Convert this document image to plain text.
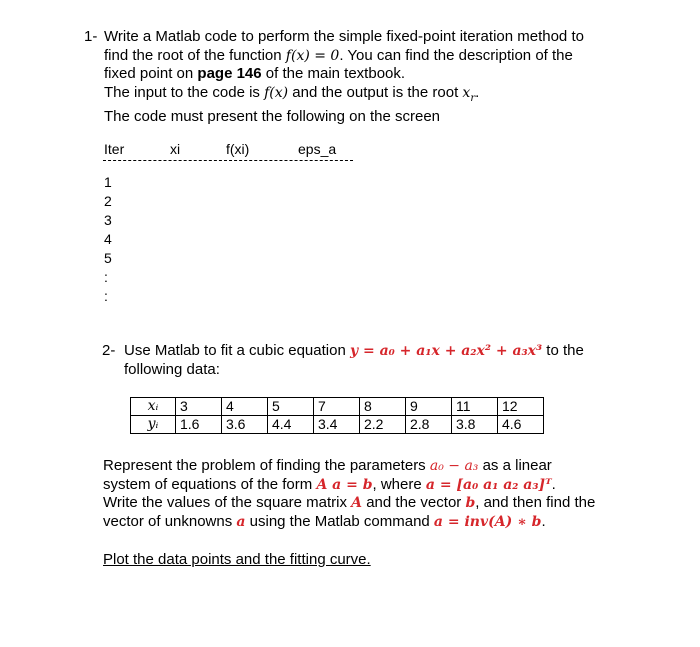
1- Write a Matlab code to perform the simple fixed-point iteration method to
find the root of the function f(x) = 0. You can find the description of the
fixed point on page 146 of the main textbook.
The input to the code is f(x) and the output is the root $x_r$.
The code must present the following on the screen
Iter	xi	f(xi)	eps_a
1
2
3
4
5
:
:
2- Use Matlab to fit a cubic equation y = a₀ + a₁x + a₂x² + a₃x³ to the
following data:
xᵢ	3	4	5	7	8	9	11	12
yᵢ	1.6	3.6	4.4	3.4	2.2	2.8	3.8	4.6
Represent the problem of finding the parameters a₀ − a₃ as a linear
system of equations of the form A a = b, where a = [a₀ a₁ a₂ a₃]ᵀ.
Write the values of the square matrix A and the vector b, and then find the
vector of unknowns a using the Matlab command a = inv(A) ∗ b.
Plot the data points and the fitting curve.
